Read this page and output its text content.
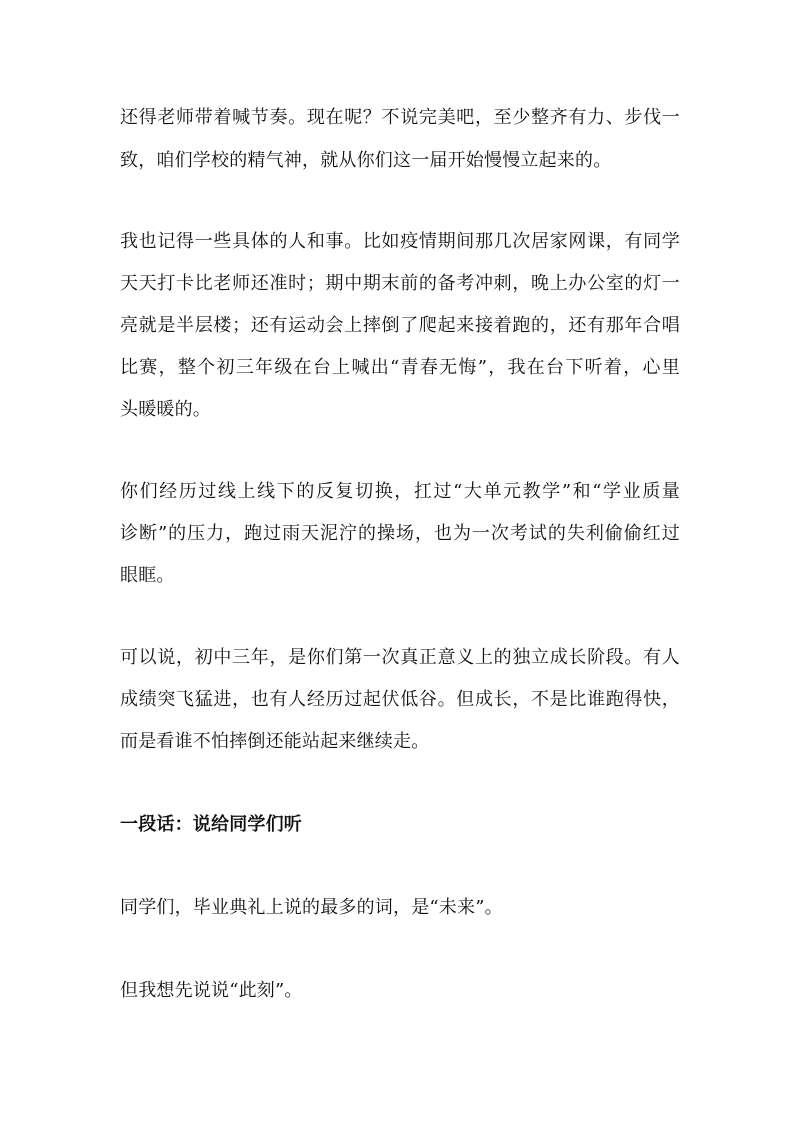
还得老师带着喊节奏。现在呢？不说完美吧，至少整齐有力、步伐一
致，咱们学校的精气神，就从你们这一届开始慢慢立起来的。
我也记得一些具体的人和事。比如疫情期间那几次居家网课，有同学
天天打卡比老师还准时；期中期末前的备考冲刺，晚上办公室的灯一
亮就是半层楼；还有运动会上摔倒了爬起来接着跑的，还有那年合唱
比赛，整个初三年级在台上喊出“青春无悔”，我在台下听着，心里
头暖暖的。
你们经历过线上线下的反复切换，扛过“大单元教学”和“学业质量
诊断”的压力，跑过雨天泥泞的操场，也为一次考试的失利偷偷红过
眼眶。
可以说，初中三年，是你们第一次真正意义上的独立成长阶段。有人
成绩突飞猛进，也有人经历过起伏低谷。但成长，不是比谁跑得快，
而是看谁不怕摔倒还能站起来继续走。
一段话：说给同学们听
同学们，毕业典礼上说的最多的词，是“未来”。
但我想先说说“此刻”。
